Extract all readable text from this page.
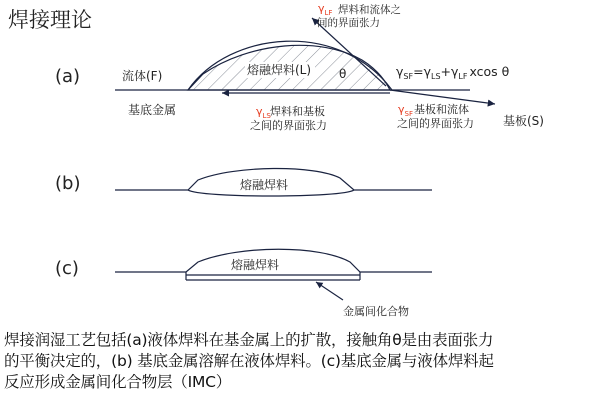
焊接理论
(a)	流体(F)	熔融焊料(L) θ
$\gamma_{LF}$ 焊料和流体之
间的界面张力
$\gamma_{SF}=\gamma_{LS}+\gamma_{LF}$ xcos θ
基底金属	$\gamma_{LS}$ 焊料和基板
之间的界面张力
$\gamma_{SF}$ 基板和流体
之间的界面张力 基板(S)
(b)	熔融焊料
(c)	熔融焊料
金属间化合物
焊接润湿工艺包括(a)液体焊料在基金属上的扩散，接触角θ是由表面张力
的平衡决定的，(b) 基底金属溶解在液体焊料。(c)基底金属与液体焊料起
反应形成金属间化合物层（IMC）
